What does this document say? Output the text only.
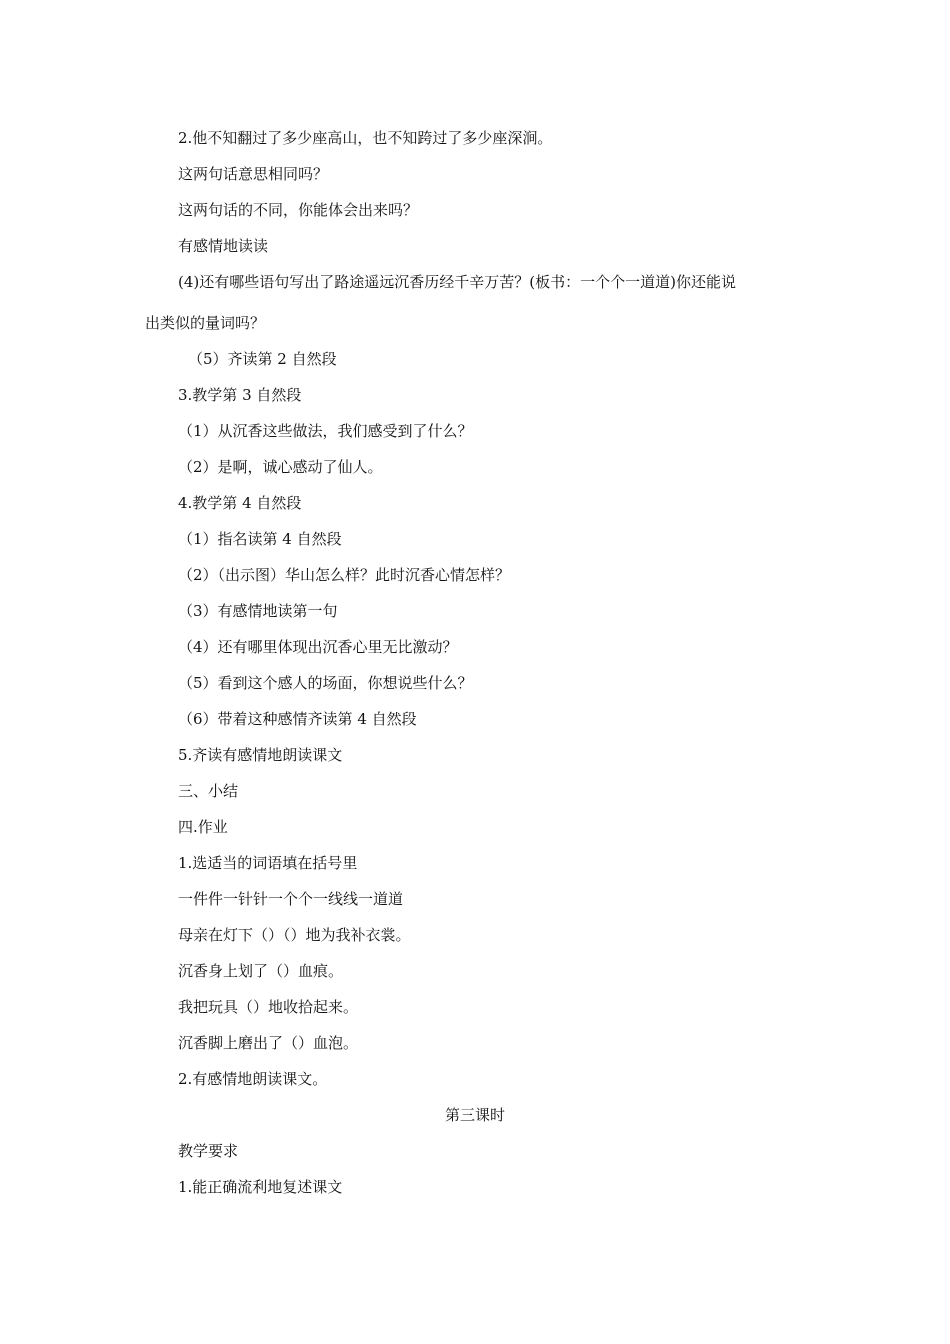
2.他不知翻过了多少座高山，也不知跨过了多少座深涧。
这两句话意思相同吗？
这两句话的不同，你能体会出来吗？
有感情地读读
(4)还有哪些语句写出了路途遥远沉香历经千辛万苦？(板书：一个个一道道)你还能说
出类似的量词吗？
（5）齐读第 2 自然段
3.教学第 3 自然段
（1）从沉香这些做法，我们感受到了什么？
（2）是啊，诚心感动了仙人。
4.教学第 4 自然段
（1）指名读第 4 自然段
（2）（出示图）华山怎么样？此时沉香心情怎样？
（3）有感情地读第一句
（4）还有哪里体现出沉香心里无比激动？
（5）看到这个感人的场面，你想说些什么？
（6）带着这种感情齐读第 4 自然段
5.齐读有感情地朗读课文
三、小结
四.作业
1.选适当的词语填在括号里
一件件一针针一个个一线线一道道
母亲在灯下（）（）地为我补衣裳。
沉香身上划了（）血痕。
我把玩具（）地收拾起来。
沉香脚上磨出了（）血泡。
2.有感情地朗读课文。
第三课时
教学要求
1.能正确流利地复述课文
